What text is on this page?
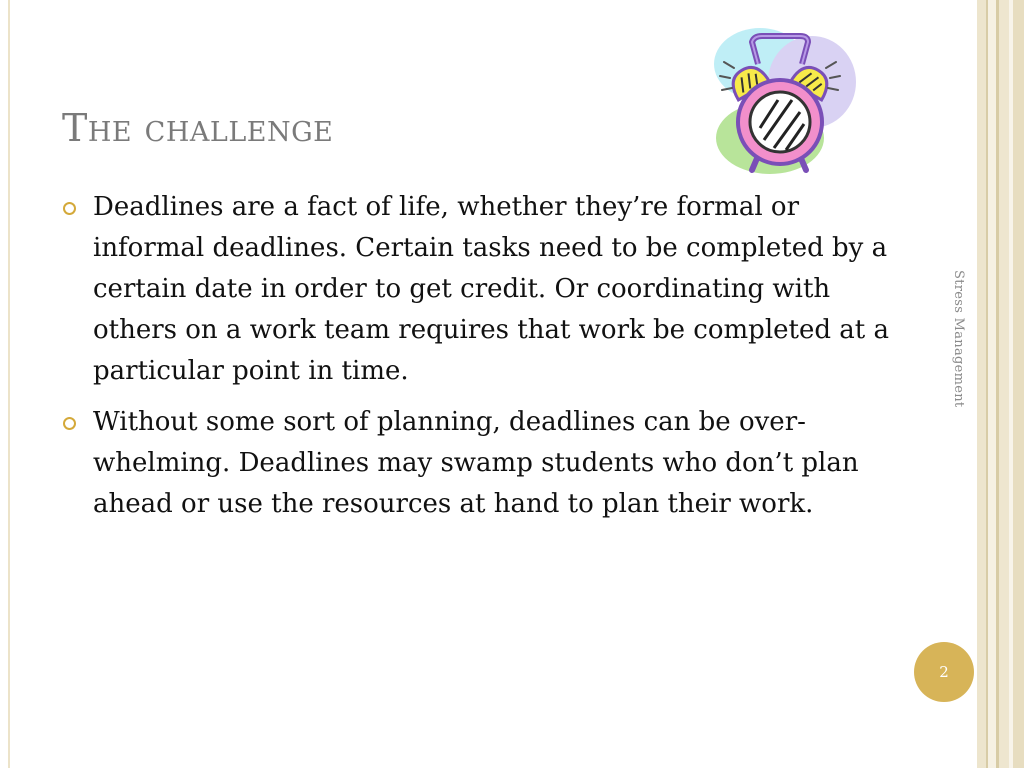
The challenge
Deadlines are a fact of life, whether they’re formal or informal deadlines. Certain tasks need to be completed by a certain date in order to get credit. Or coordinating with others on a work team requires that work be completed at a particular point in time.
Without some sort of planning, deadlines can be over-whelming. Deadlines may swamp students who don’t plan ahead or use the resources at hand to plan their work.
Stress Management
2
